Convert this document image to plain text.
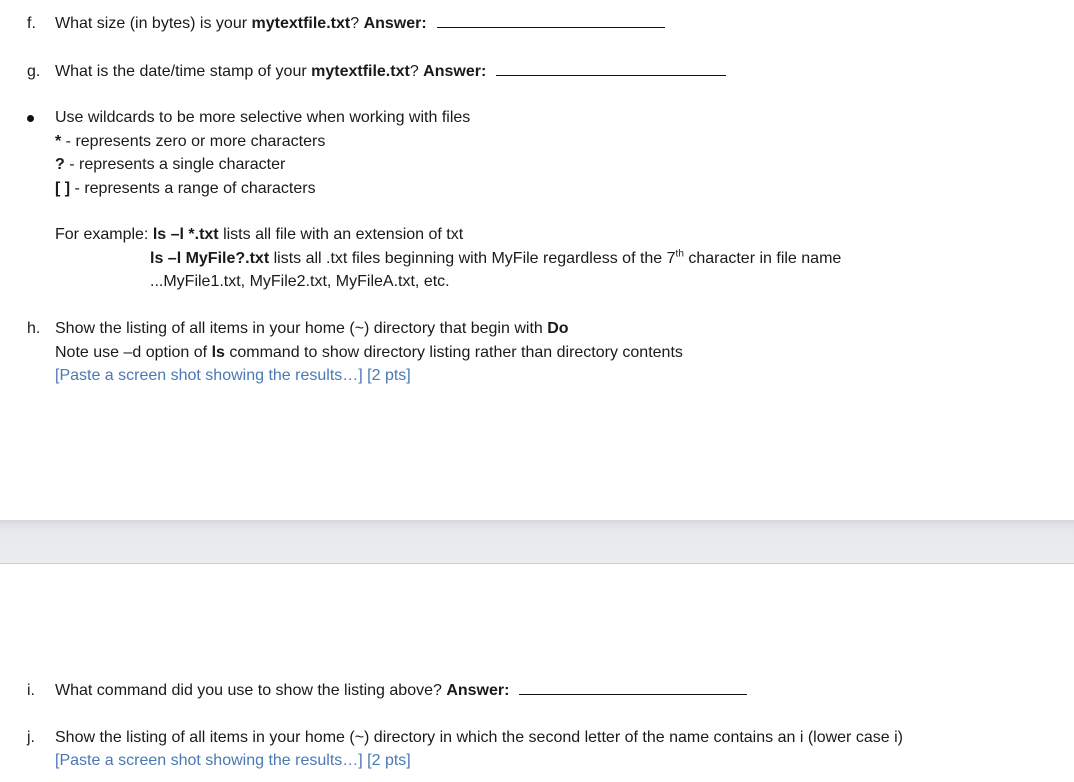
f. What size (in bytes) is your mytextfile.txt? Answer:
g. What is the date/time stamp of your mytextfile.txt? Answer:
Use wildcards to be more selective when working with files
* - represents zero or more characters
? - represents a single character
[ ] - represents a range of characters
For example: ls –l *.txt lists all file with an extension of txt
ls –l MyFile?.txt lists all .txt files beginning with MyFile regardless of the 7th character in file name
...MyFile1.txt, MyFile2.txt, MyFileA.txt, etc.
h. Show the listing of all items in your home (~) directory that begin with Do
Note use –d option of ls command to show directory listing rather than directory contents
[Paste a screen shot showing the results…] [2 pts]
i. What command did you use to show the listing above? Answer:
j. Show the listing of all items in your home (~) directory in which the second letter of the name contains an i (lower case i)
[Paste a screen shot showing the results…] [2 pts]
